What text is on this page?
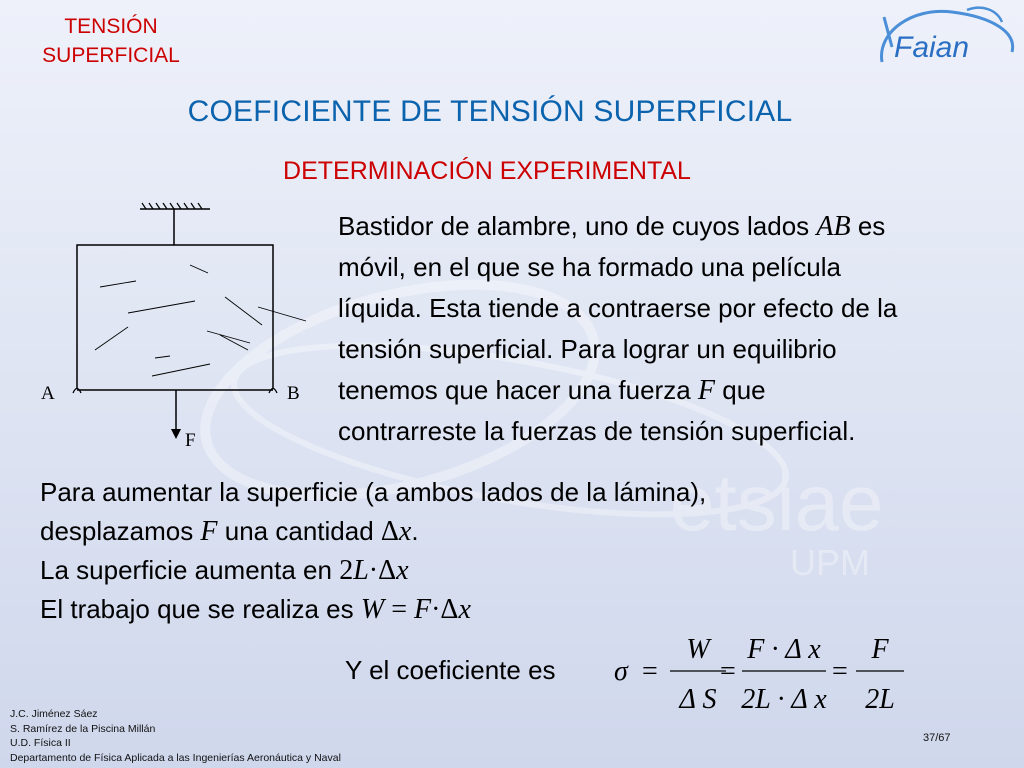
etsiae
UPM
TENSIÓN
SUPERFICIAL	Faian
COEFICIENTE DE TENSIÓN SUPERFICIAL
DETERMINACIÓN EXPERIMENTAL
A	B
F
Bastidor de alambre, uno de cuyos lados AB es
móvil, en el que se ha formado una película
líquida. Esta tiende a contraerse por efecto de la
tensión superficial. Para lograr un equilibrio
tenemos que hacer una fuerza F que
contrarreste la fuerzas de tensión superficial.
Para aumentar la superficie (a ambos lados de la lámina),
desplazamos F una cantidad Δx.
La superficie aumenta en 2L·Δx
El trabajo que se realiza es W = F·Δx
Y el coeficiente es σ =
W
Δ S
=
F · Δ x
2L · Δ x
=
F
2L
J.C. Jiménez Sáez
S. Ramírez de la Piscina Millán
U.D. Física II
Departamento de Física Aplicada a las Ingenierías Aeronáutica y Naval
37/67
